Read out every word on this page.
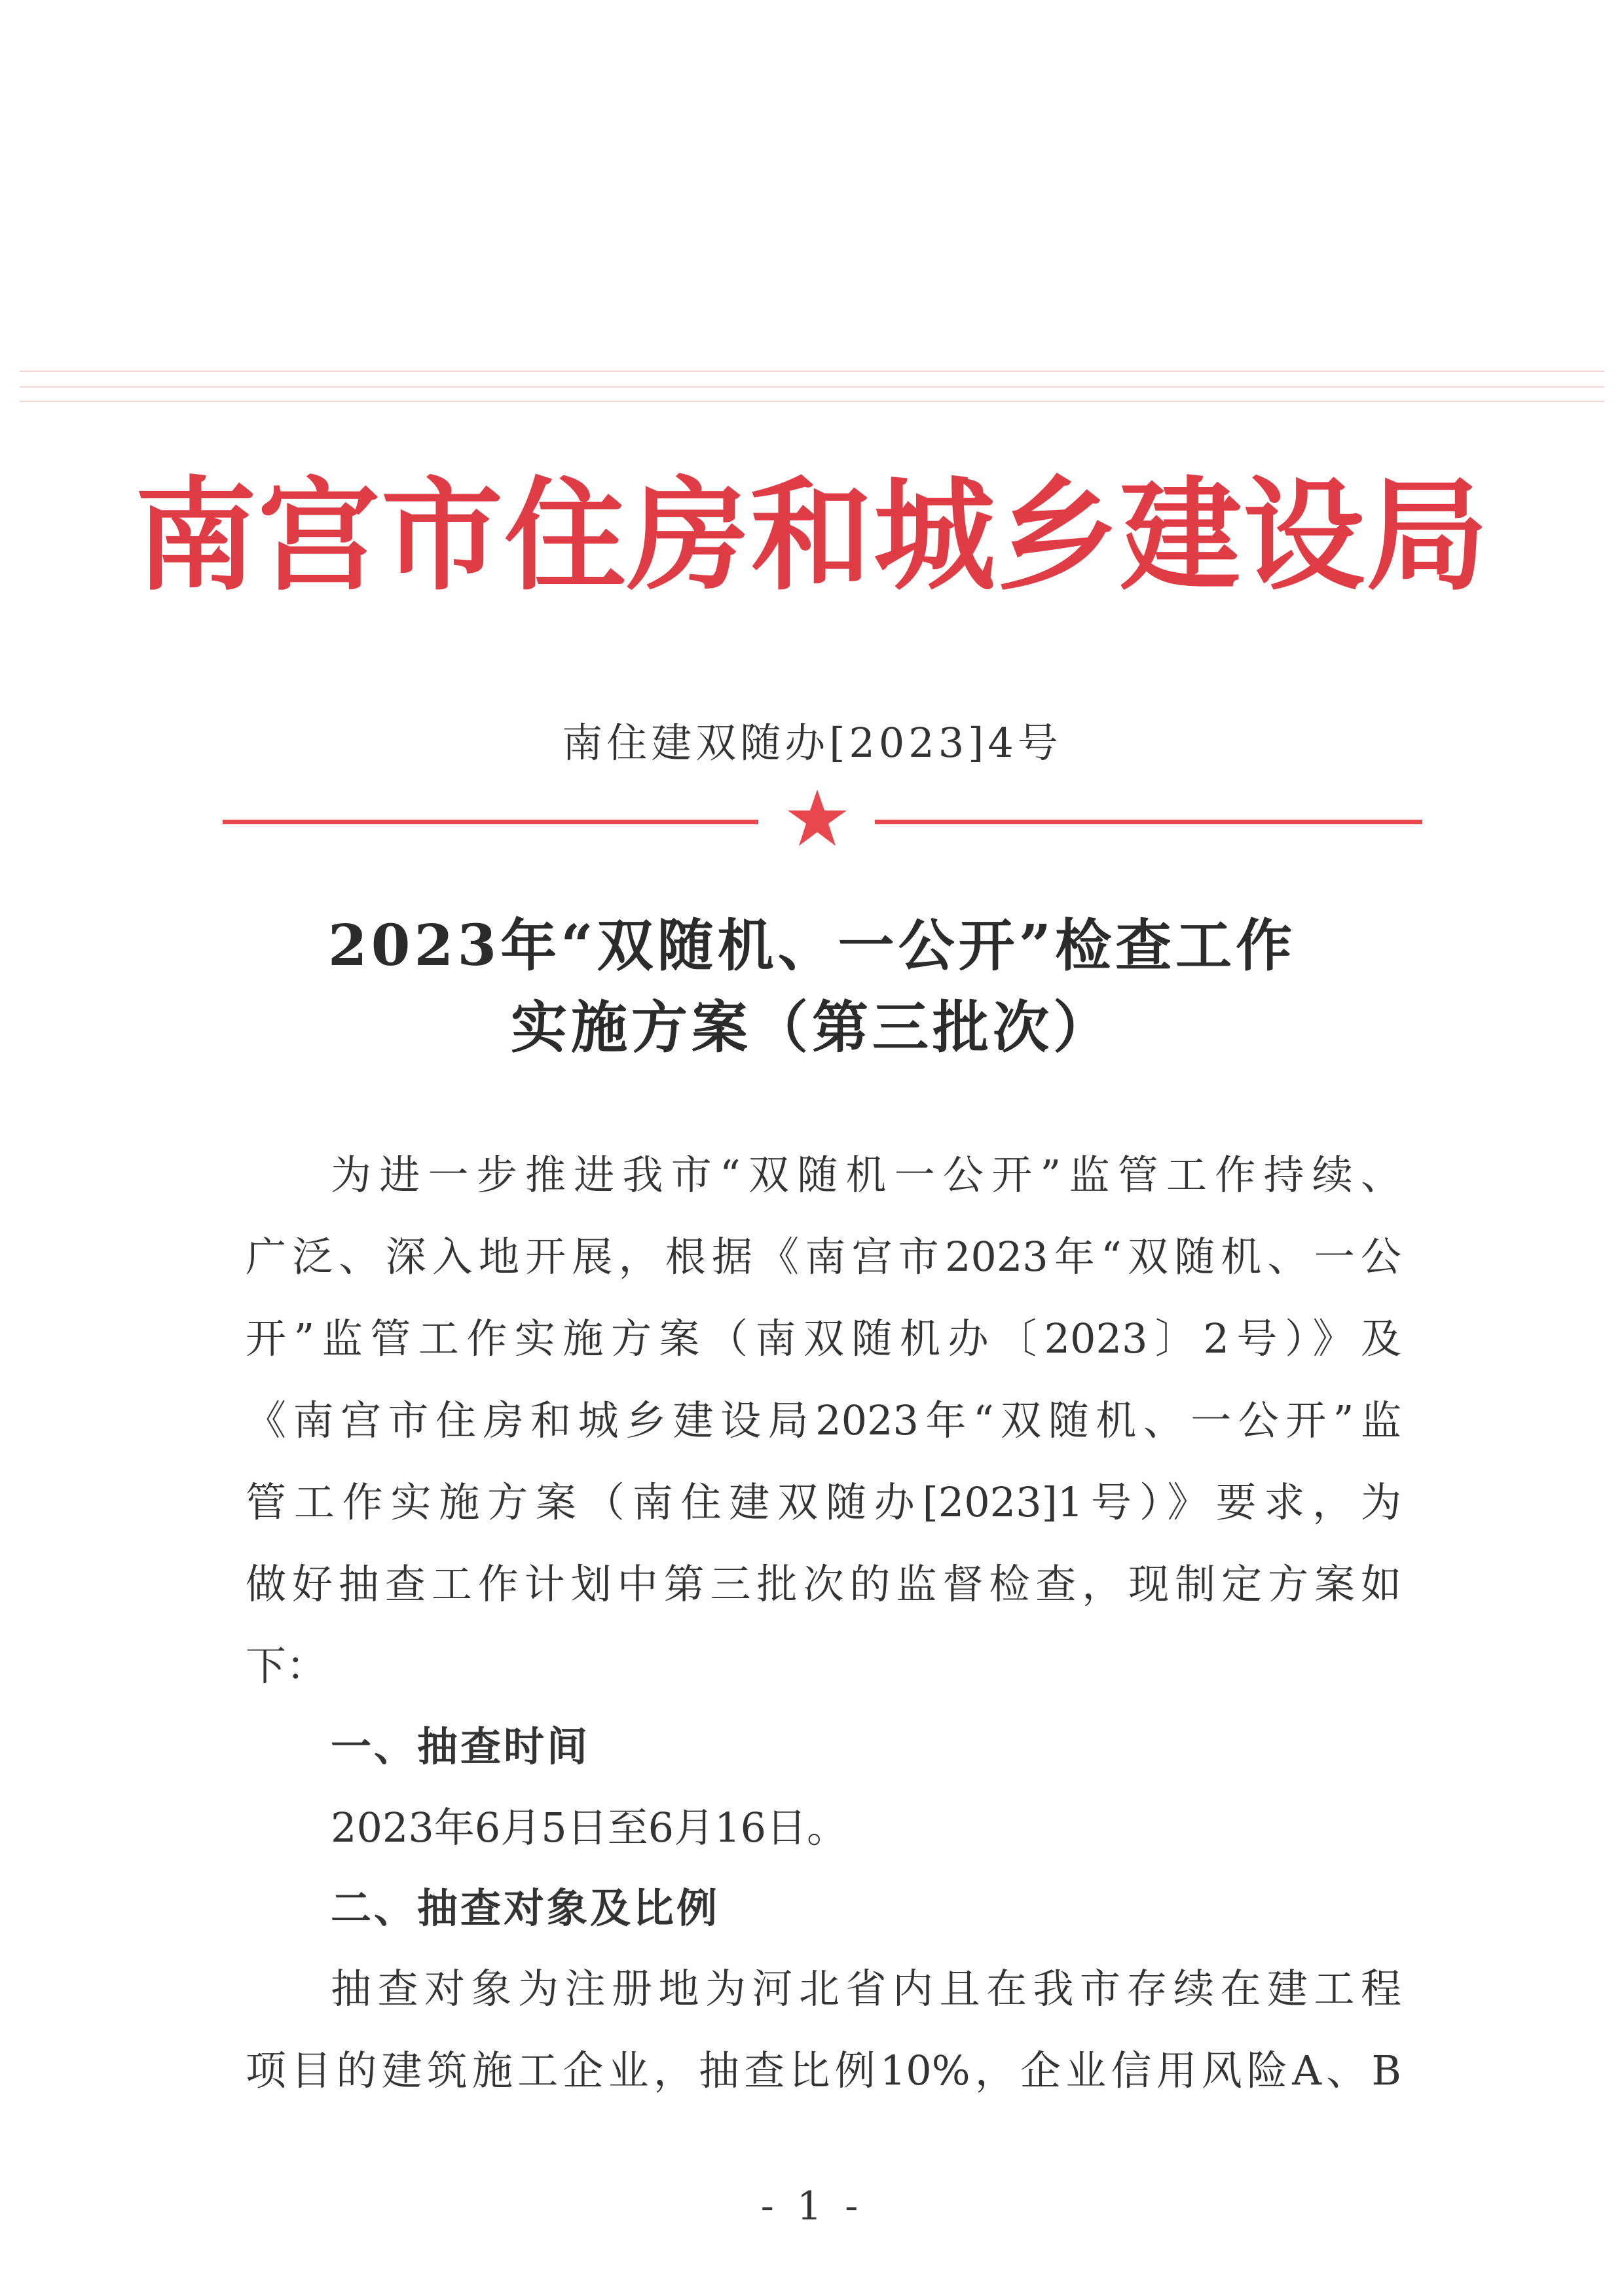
南宫市住房和城乡建设局
南住建双随办[2023]4号
2023年“双随机、一公开”检查工作
实施方案（第三批次）
为进一步推进我市“双随机一公开”监管工作持续、
广泛、深入地开展，根据《南宫市2023年“双随机、一公
开”监管工作实施方案（南双随机办〔2023〕2号）》及
《南宫市住房和城乡建设局2023年“双随机、一公开”监
管工作实施方案（南住建双随办[2023]1号）》要求，为
做好抽查工作计划中第三批次的监督检查，现制定方案如
下：
一、抽查时间
2023年6月5日至6月16日。
二、抽查对象及比例
抽查对象为注册地为河北省内且在我市存续在建工程
项目的建筑施工企业，抽查比例10%，企业信用风险A、B
- 1 -
